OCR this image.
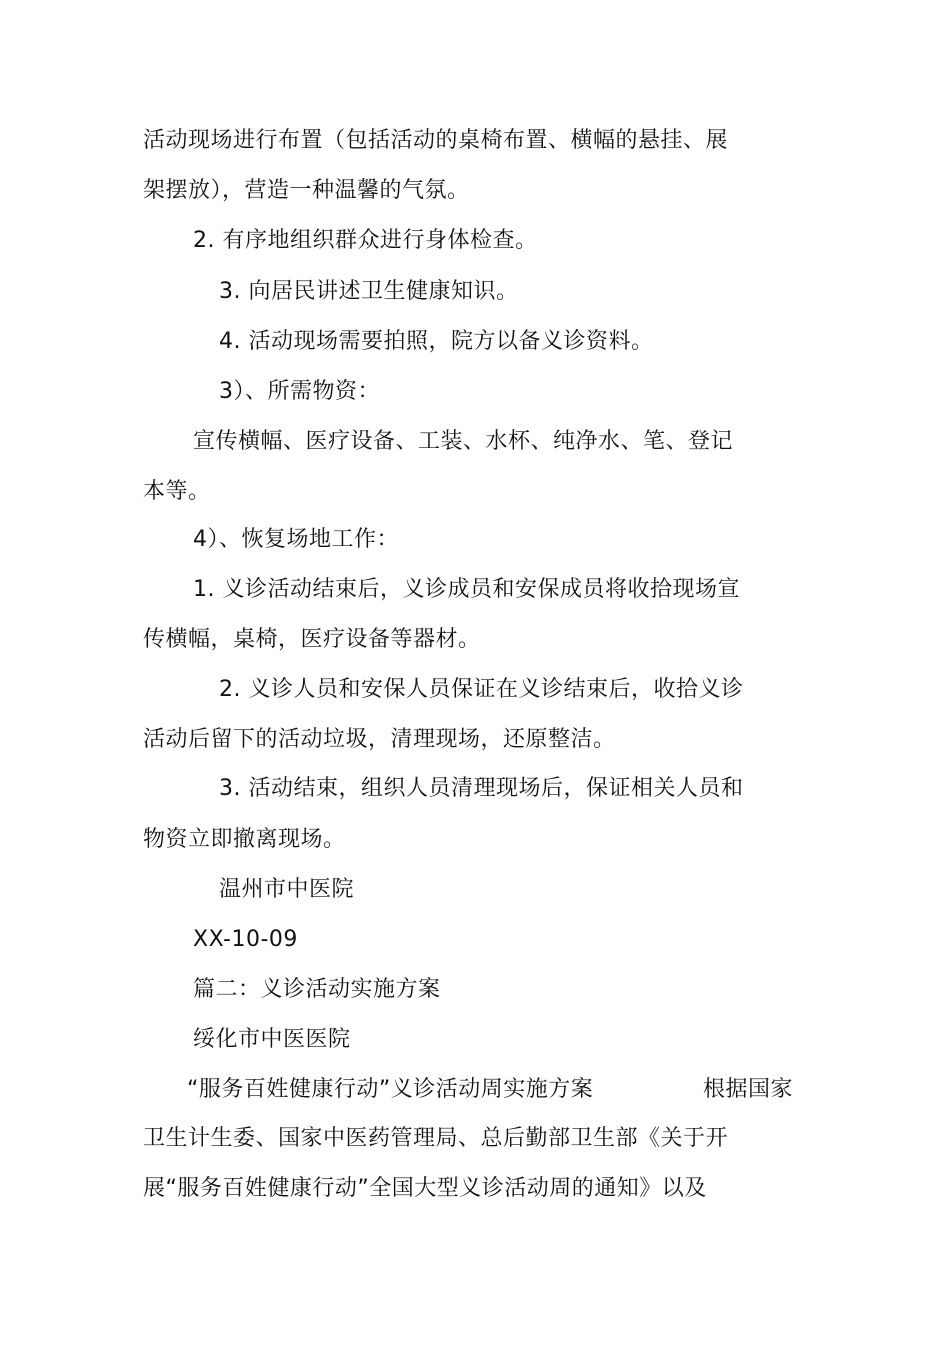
活动现场进行布置（包括活动的桌椅布置、横幅的悬挂、展
架摆放），营造一种温馨的气氛。
2. 有序地组织群众进行身体检查。
3. 向居民讲述卫生健康知识。
4. 活动现场需要拍照，院方以备义诊资料。
3）、所需物资：
宣传横幅、医疗设备、工装、水杯、纯净水、笔、登记
本等。
4）、恢复场地工作：
1. 义诊活动结束后，义诊成员和安保成员将收拾现场宣
传横幅，桌椅，医疗设备等器材。
2. 义诊人员和安保人员保证在义诊结束后，收拾义诊
活动后留下的活动垃圾，清理现场，还原整洁。
3. 活动结束，组织人员清理现场后，保证相关人员和
物资立即撤离现场。
温州市中医院
XX-10-09
篇二：义诊活动实施方案
绥化市中医医院
“服务百姓健康行动”义诊活动周实施方案	根据国家
卫生计生委、国家中医药管理局、总后勤部卫生部《关于开
展“服务百姓健康行动”全国大型义诊活动周的通知》以及
